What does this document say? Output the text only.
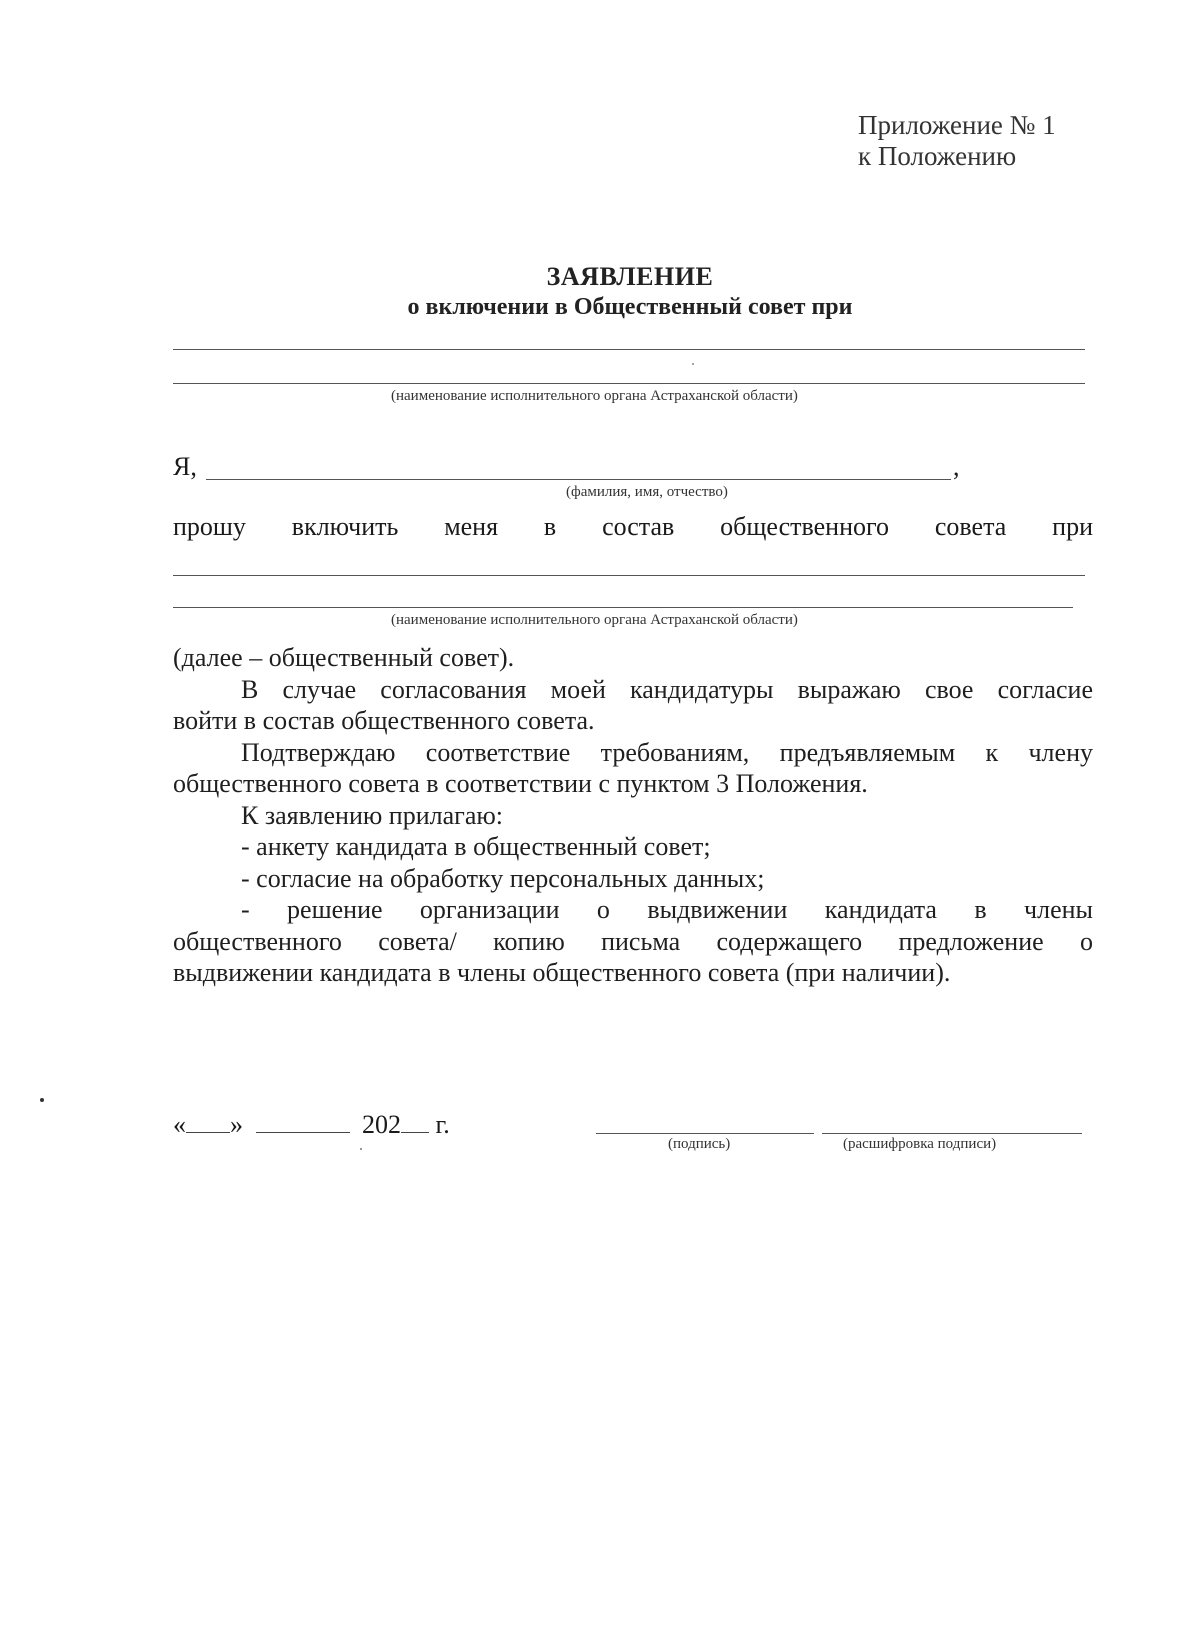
Приложение № 1
к Положению
ЗАЯВЛЕНИЕ
о включении в Общественный совет при
(наименование исполнительного органа Астраханской области)
Я,	,
(фамилия, имя, отчество)
прошу включить меня в состав общественного совета при
(наименование исполнительного органа Астраханской области)
(далее – общественный совет).
В случае согласования моей кандидатуры выражаю свое согласие
войти в состав общественного совета.
Подтверждаю соответствие требованиям, предъявляемым к члену
общественного совета в соответствии с пунктом 3 Положения.
К заявлению прилагаю:
- анкету кандидата в общественный совет;
- согласие на обработку персональных данных;
- решение организации о выдвижении кандидата в члены
общественного совета/ копию письма содержащего предложение о
выдвижении кандидата в члены общественного совета (при наличии).
« »	202 г.
(подпись)	(расшифровка подписи)
